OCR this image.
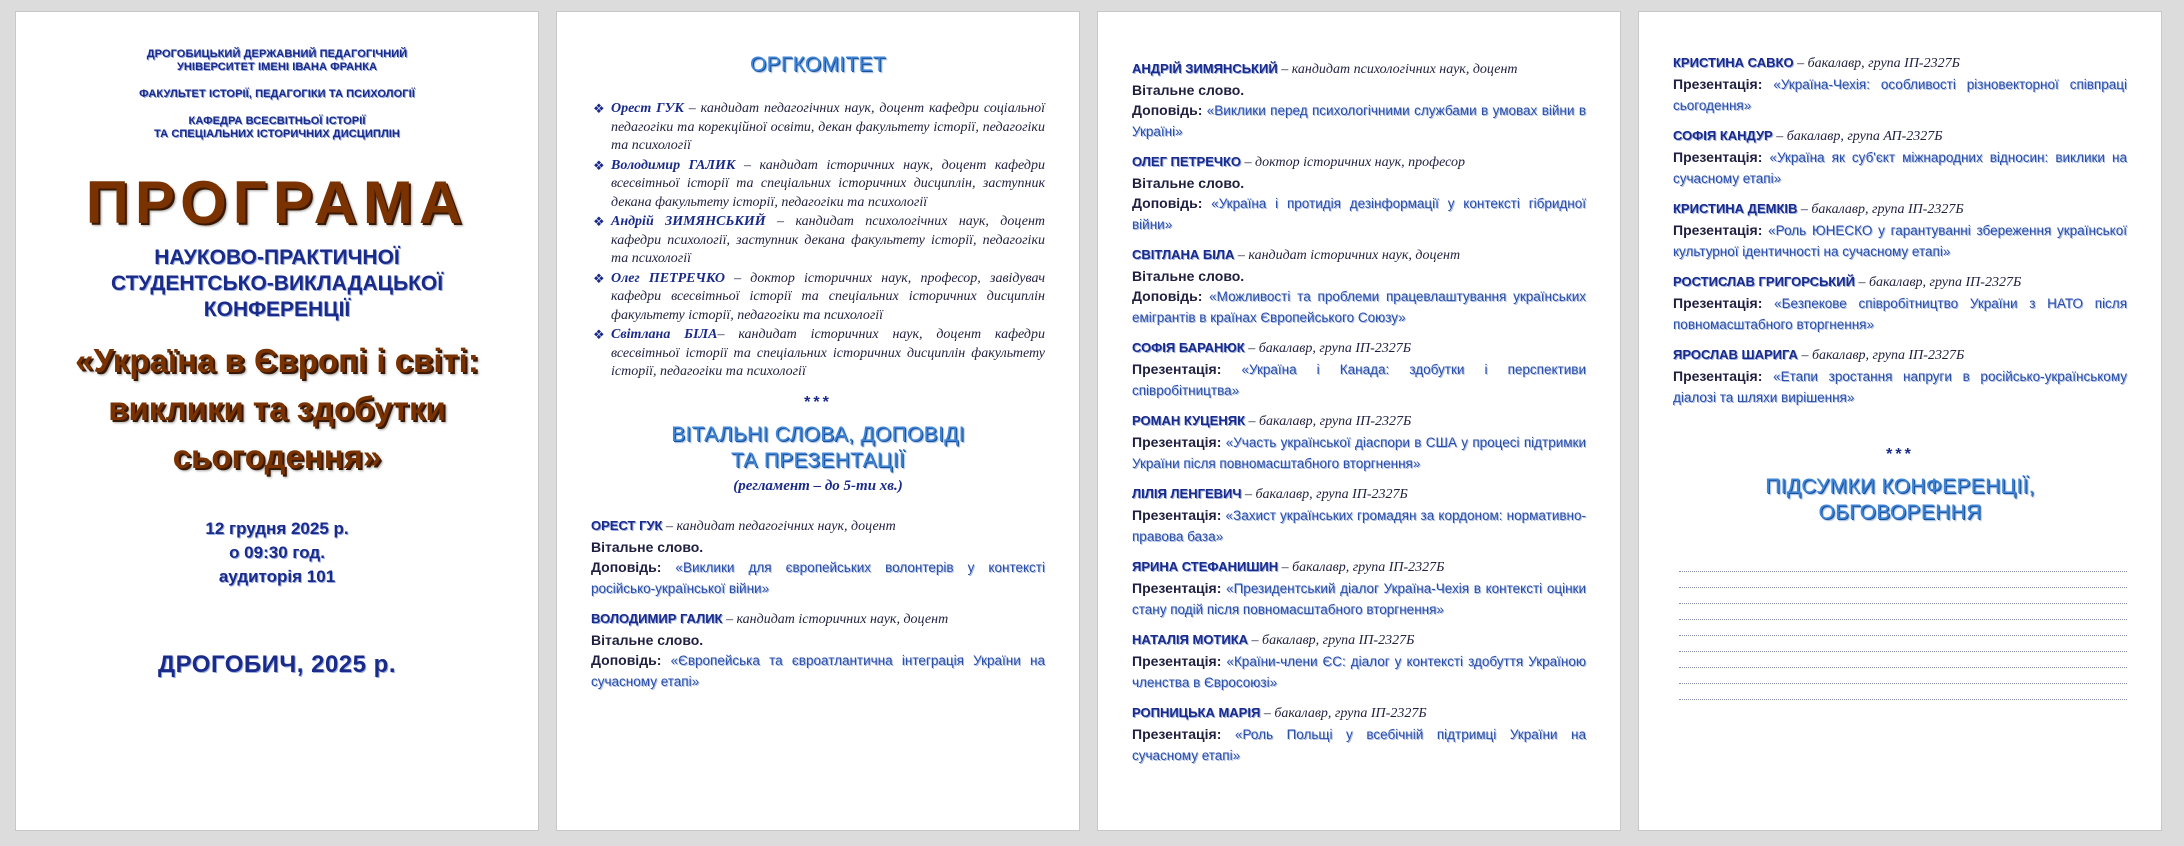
ДРОГОБИЦЬКИЙ ДЕРЖАВНИЙ ПЕДАГОГІЧНИЙ
УНІВЕРСИТЕТ ІМЕНІ ІВАНА ФРАНКА
ФАКУЛЬТЕТ ІСТОРІЇ, ПЕДАГОГІКИ ТА ПСИХОЛОГІЇ
КАФЕДРА ВСЕСВІТНЬОЇ ІСТОРІЇ
ТА СПЕЦІАЛЬНИХ ІСТОРИЧНИХ ДИСЦИПЛІН
ПРОГРАМА
НАУКОВО-ПРАКТИЧНОЇ
СТУДЕНТСЬКО-ВИКЛАДАЦЬКОЇ
КОНФЕРЕНЦІЇ
«Україна в Європі і світі:
виклики та здобутки
сьогодення»
12 грудня 2025 р.
о 09:30 год.
аудиторія 101
ДРОГОБИЧ, 2025 р.
ОРГКОМІТЕТ
❖ Орест ГУК – кандидат педагогічних наук, доцент кафедри соціальної педагогіки та корекційної освіти, декан факультету історії, педагогіки та психології
❖ Володимир ГАЛИК – кандидат історичних наук, доцент кафедри всесвітньої історії та спеціальних історичних дисциплін, заступник декана факультету історії, педагогіки та психології
❖ Андрій ЗИМЯНСЬКИЙ – кандидат психологічних наук, доцент кафедри психології, заступник декана факультету історії, педагогіки та психології
❖ Олег ПЕТРЕЧКО – доктор історичних наук, професор, завідувач кафедри всесвітньої історії та спеціальних історичних дисциплін факультету історії, педагогіки та психології
❖ Світлана БІЛА– кандидат історичних наук, доцент кафедри всесвітньої історії та спеціальних історичних дисциплін факультету історії, педагогіки та психології
***
ВІТАЛЬНІ СЛОВА, ДОПОВІДІ
ТА ПРЕЗЕНТАЦІЇ
(регламент – до 5-ти хв.)
ОРЕСТ ГУК – кандидат педагогічних наук, доцент
Вітальне слово.
Доповідь: «Виклики для європейських волонтерів у контексті російсько-української війни»
ВОЛОДИМИР ГАЛИК – кандидат історичних наук, доцент
Вітальне слово.
Доповідь: «Європейська та євроатлантична інтеграція України на сучасному етапі»
АНДРІЙ ЗИМЯНСЬКИЙ – кандидат психологічних наук, доцент
Вітальне слово.
Доповідь: «Виклики перед психологічними службами в умовах війни в Україні»
ОЛЕГ ПЕТРЕЧКО – доктор історичних наук, професор
Вітальне слово.
Доповідь: «Україна і протидія дезінформації у контексті гібридної війни»
СВІТЛАНА БІЛА – кандидат історичних наук, доцент
Вітальне слово.
Доповідь: «Можливості та проблеми працевлаштування українських емігрантів в країнах Європейського Союзу»
СОФІЯ БАРАНЮК – бакалавр, група ІП-2327Б
Презентація: «Україна і Канада: здобутки і перспективи співробітництва»
РОМАН КУЦЕНЯК – бакалавр, група ІП-2327Б
Презентація: «Участь української діаспори в США у процесі підтримки України після повномасштабного вторгнення»
ЛІЛІЯ ЛЕНГЕВИЧ – бакалавр, група ІП-2327Б
Презентація: «Захист українських громадян за кордоном: нормативно-правова база»
ЯРИНА СТЕФАНИШИН – бакалавр, група ІП-2327Б
Презентація: «Президентський діалог Україна-Чехія в контексті оцінки стану подій після повномасштабного вторгнення»
НАТАЛІЯ МОТИКА – бакалавр, група ІП-2327Б
Презентація: «Країни-члени ЄС: діалог у контексті здобуття Україною членства в Євросоюзі»
РОПНИЦЬКА МАРІЯ – бакалавр, група ІП-2327Б
Презентація: «Роль Польщі у всебічній підтримці України на сучасному етапі»
КРИСТИНА САВКО – бакалавр, група ІП-2327Б
Презентація: «Україна-Чехія: особливості різновекторної співпраці сьогодення»
СОФІЯ КАНДУР – бакалавр, група АП-2327Б
Презентація: «Україна як суб'єкт міжнародних відносин: виклики на сучасному етапі»
КРИСТИНА ДЕМКІВ – бакалавр, група ІП-2327Б
Презентація: «Роль ЮНЕСКО у гарантуванні збереження української культурної ідентичності на сучасному етапі»
РОСТИСЛАВ ГРИГОРСЬКИЙ – бакалавр, група ІП-2327Б
Презентація: «Безпекове співробітництво України з НАТО після повномасштабного вторгнення»
ЯРОСЛАВ ШАРИГА – бакалавр, група ІП-2327Б
Презентація: «Етапи зростання напруги в російсько-українському діалозі та шляхи вирішення»
***
ПІДСУМКИ КОНФЕРЕНЦІЇ,
ОБГОВОРЕННЯ
